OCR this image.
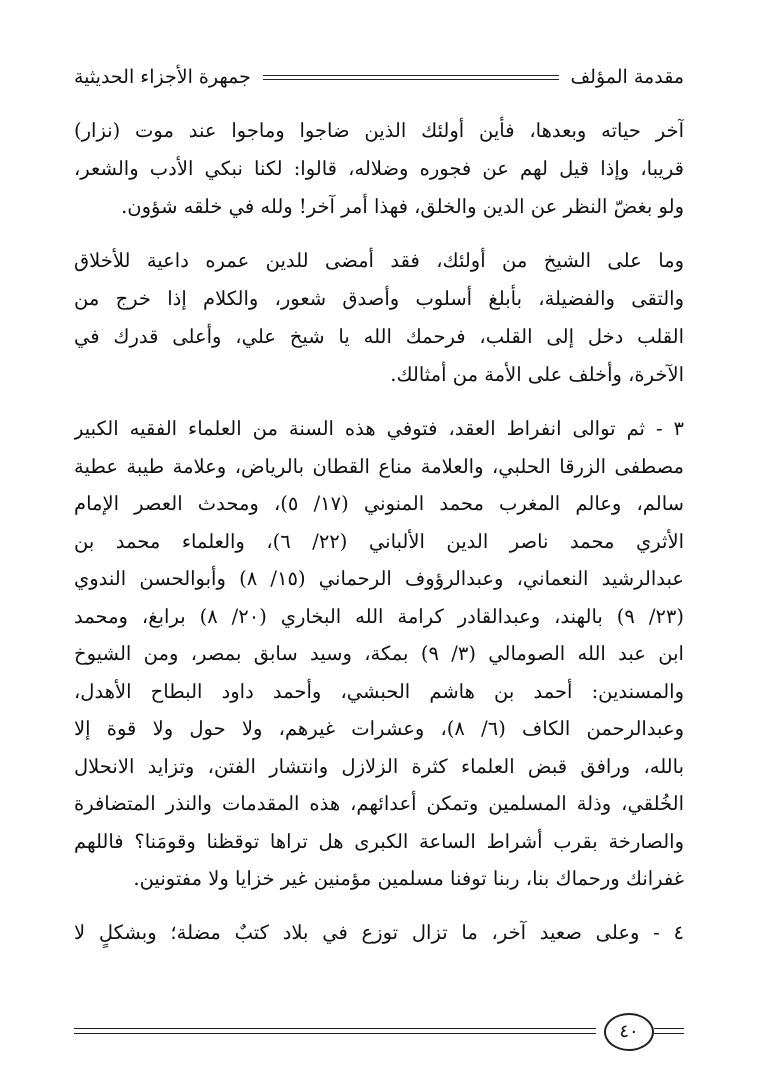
مقدمة المؤلف
جمهرة الأجزاء الحديثية

آخر حياته وبعدها، فأين أولئك الذين ضاجوا وماجوا عند موت (نزار)
قريبا، وإذا قيل لهم عن فجوره وضلاله، قالوا: لكنا نبكي الأدب والشعر،
ولو بغضّ النظر عن الدين والخلق، فهذا أمر آخر! ولله في خلقه شؤون.

وما على الشيخ من أولئك، فقد أمضى للدين عمره داعية للأخلاق
والتقى والفضيلة، بأبلغ أسلوب وأصدق شعور، والكلام إذا خرج من
القلب دخل إلى القلب، فرحمك الله يا شيخ علي، وأعلى قدرك في
الآخرة، وأخلف على الأمة من أمثالك.

٣ - ثم توالى انفراط العقد، فتوفي هذه السنة من العلماء الفقيه الكبير
مصطفى الزرقا الحلبي، والعلامة مناع القطان بالرياض، وعلامة طيبة عطية
سالم، وعالم المغرب محمد المنوني (١٧/ ٥)، ومحدث العصر الإمام
الأثري محمد ناصر الدين الألباني (٢٢/ ٦)، والعلماء محمد بن
عبدالرشيد النعماني، وعبدالرؤوف الرحماني (١٥/ ٨) وأبوالحسن الندوي
(٢٣/ ٩) بالهند، وعبدالقادر كرامة الله البخاري (٢٠/ ٨) برابغ، ومحمد
ابن عبد الله الصومالي (٣/ ٩) بمكة، وسيد سابق بمصر، ومن الشيوخ
والمسندين: أحمد بن هاشم الحبشي، وأحمد داود البطاح الأهدل،
وعبدالرحمن الكاف (٦/ ٨)، وعشرات غيرهم، ولا حول ولا قوة إلا
بالله، ورافق قبض العلماء كثرة الزلازل وانتشار الفتن، وتزايد الانحلال
الخُلقي، وذلة المسلمين وتمكن أعدائهم، هذه المقدمات والنذر المتضافرة
والصارخة بقرب أشراط الساعة الكبرى هل تراها توقظنا وقومَنا؟ فاللهم
غفرانك ورحماك بنا، ربنا توفنا مسلمين مؤمنين غير خزايا ولا مفتونين.

٤ - وعلى صعيد آخر، ما تزال توزع في بلاد كتبٌ مضلة؛ وبشكلٍ لا

٤٠
